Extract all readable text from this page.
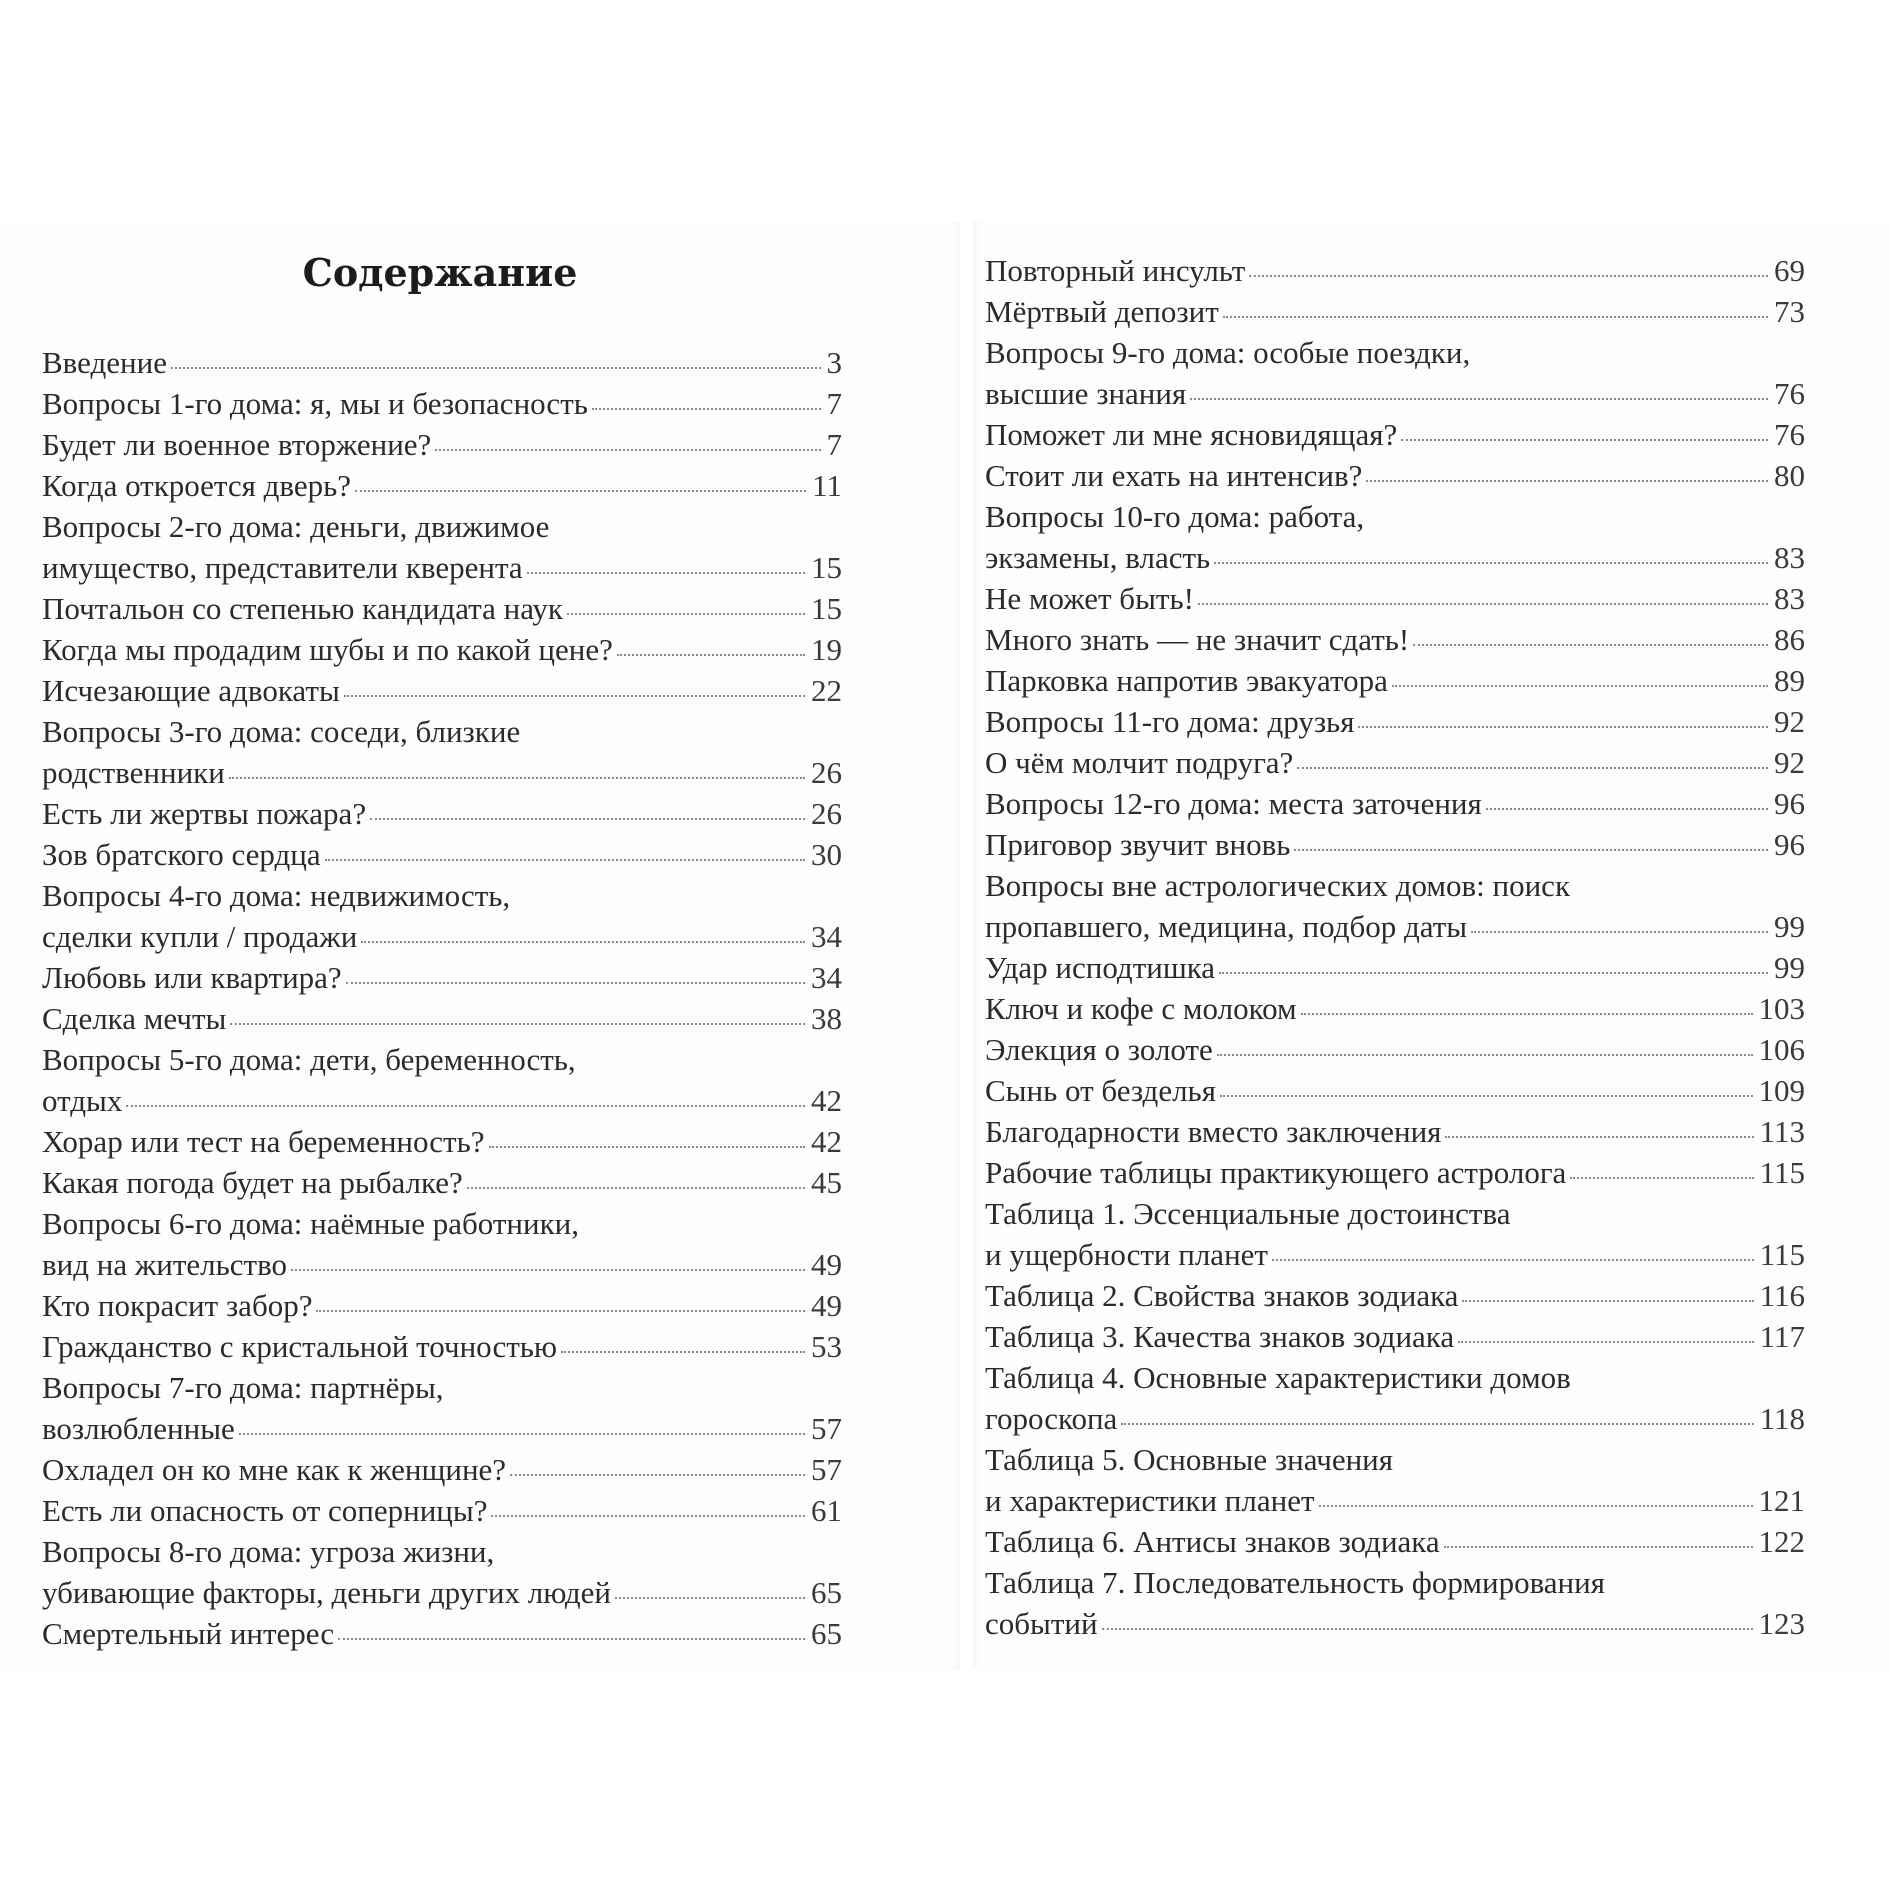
Содержание
Введение	3
Вопросы 1-го дома: я, мы и безопасность	7
Будет ли военное вторжение?	7
Когда откроется дверь?	11
Вопросы 2-го дома: деньги, движимое
имущество, представители кверента	15
Почтальон со степенью кандидата наук	15
Когда мы продадим шубы и по какой цене?	19
Исчезающие адвокаты	22
Вопросы 3-го дома: соседи, близкие
родственники	26
Есть ли жертвы пожара?	26
Зов братского сердца	30
Вопросы 4-го дома: недвижимость,
сделки купли / продажи	34
Любовь или квартира?	34
Сделка мечты	38
Вопросы 5-го дома: дети, беременность,
отдых	42
Хорар или тест на беременность?	42
Какая погода будет на рыбалке?	45
Вопросы 6-го дома: наёмные работники,
вид на жительство	49
Кто покрасит забор?	49
Гражданство с кристальной точностью	53
Вопросы 7-го дома: партнёры,
возлюбленные	57
Охладел он ко мне как к женщине?	57
Есть ли опасность от соперницы?	61
Вопросы 8-го дома: угроза жизни,
убивающие факторы, деньги других людей	65
Смертельный интерес	65
Повторный инсульт	69
Мёртвый депозит	73
Вопросы 9-го дома: особые поездки,
высшие знания	76
Поможет ли мне ясновидящая?	76
Стоит ли ехать на интенсив?	80
Вопросы 10-го дома: работа,
экзамены, власть	83
Не может быть!	83
Много знать — не значит сдать!	86
Парковка напротив эвакуатора	89
Вопросы 11-го дома: друзья	92
О чём молчит подруга?	92
Вопросы 12-го дома: места заточения	96
Приговор звучит вновь	96
Вопросы вне астрологических домов: поиск
пропавшего, медицина, подбор даты	99
Удар исподтишка	99
Ключ и кофе с молоком	103
Элекция о золоте	106
Сынь от безделья	109
Благодарности вместо заключения	113
Рабочие таблицы практикующего астролога	115
Таблица 1. Эссенциальные достоинства
и ущербности планет	115
Таблица 2. Свойства знаков зодиака	116
Таблица 3. Качества знаков зодиака	117
Таблица 4. Основные характеристики домов
гороскопа	118
Таблица 5. Основные значения
и характеристики планет	121
Таблица 6. Антисы знаков зодиака	122
Таблица 7. Последовательность формирования
событий	123
